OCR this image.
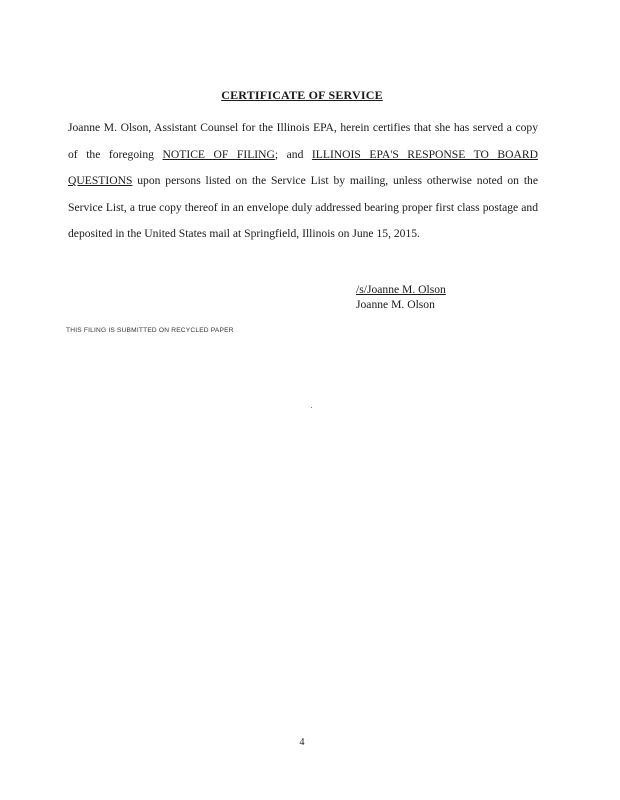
CERTIFICATE OF SERVICE

Joanne M. Olson, Assistant Counsel for the Illinois EPA, herein certifies that she has served a copy of the foregoing NOTICE OF FILING; and ILLINOIS EPA'S RESPONSE TO BOARD QUESTIONS upon persons listed on the Service List by mailing, unless otherwise noted on the Service List, a true copy thereof in an envelope duly addressed bearing proper first class postage and deposited in the United States mail at Springfield, Illinois on June 15, 2015.

/s/Joanne M. Olson
Joanne M. Olson
THIS FILING IS SUBMITTED ON RECYCLED PAPER
4
